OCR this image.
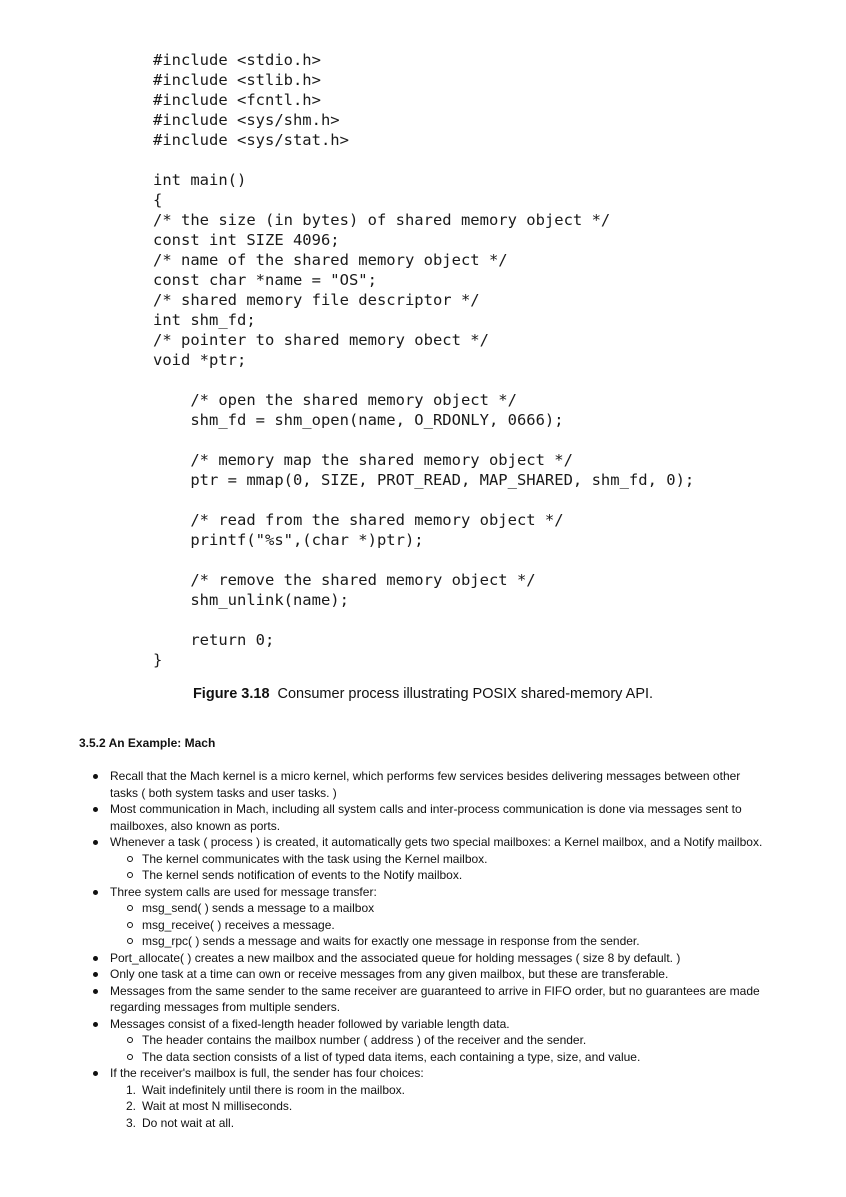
#include <stdio.h>
#include <stlib.h>
#include <fcntl.h>
#include <sys/shm.h>
#include <sys/stat.h>
int main()
{
/* the size (in bytes) of shared memory object */
const int SIZE 4096;
/* name of the shared memory object */
const char *name = "OS";
/* shared memory file descriptor */
int shm_fd;
/* pointer to shared memory obect */
void *ptr;
/* open the shared memory object */
shm_fd = shm_open(name, O_RDONLY, 0666);
/* memory map the shared memory object */
ptr = mmap(0, SIZE, PROT_READ, MAP_SHARED, shm_fd, 0);
/* read from the shared memory object */
printf("%s",(char *)ptr);
/* remove the shared memory object */
shm_unlink(name);
return 0;
}
Figure 3.18 Consumer process illustrating POSIX shared-memory API.
3.5.2 An Example: Mach
Recall that the Mach kernel is a micro kernel, which performs few services besides delivering messages between other tasks ( both system tasks and user tasks. )
Most communication in Mach, including all system calls and inter-process communication is done via messages sent to mailboxes, also known as ports.
Whenever a task ( process ) is created, it automatically gets two special mailboxes: a Kernel mailbox, and a Notify mailbox.
The kernel communicates with the task using the Kernel mailbox.
The kernel sends notification of events to the Notify mailbox.
Three system calls are used for message transfer:
msg_send( ) sends a message to a mailbox
msg_receive( ) receives a message.
msg_rpc( ) sends a message and waits for exactly one message in response from the sender.
Port_allocate( ) creates a new mailbox and the associated queue for holding messages ( size 8 by default. )
Only one task at a time can own or receive messages from any given mailbox, but these are transferable.
Messages from the same sender to the same receiver are guaranteed to arrive in FIFO order, but no guarantees are made regarding messages from multiple senders.
Messages consist of a fixed-length header followed by variable length data.
The header contains the mailbox number ( address ) of the receiver and the sender.
The data section consists of a list of typed data items, each containing a type, size, and value.
If the receiver's mailbox is full, the sender has four choices:
1. Wait indefinitely until there is room in the mailbox.
2. Wait at most N milliseconds.
3. Do not wait at all.
